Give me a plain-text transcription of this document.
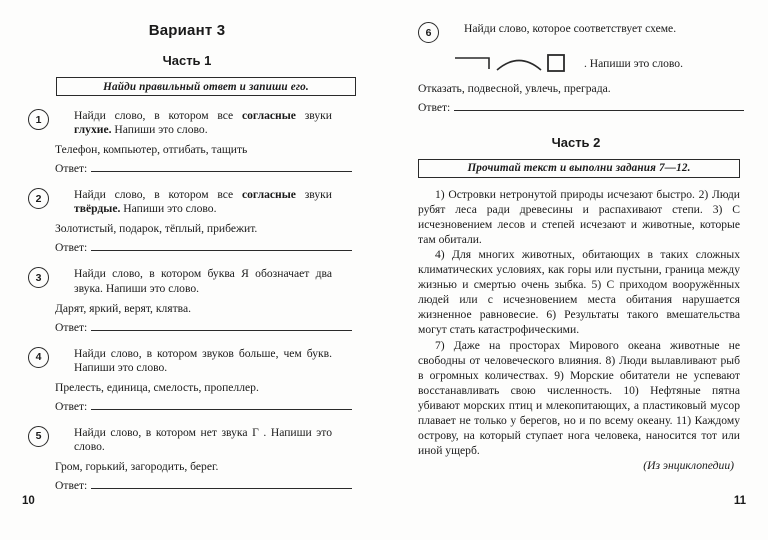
Вариант 3
Часть 1
Найди правильный ответ и запиши его.
1	Найди слово, в котором все согласные звуки глухие. Напиши это слово.
Телефон, компьютер, отгибать, тащить
Ответ:
2	Найди слово, в котором все согласные звуки твёрдые. Напиши это слово.
Золотистый, подарок, тёплый, прибежит.
Ответ:
3	Найди слово, в котором буква Я обозначает два звука. Напиши это слово.
Дарят, яркий, верят, клятва.
Ответ:
4	Найди слово, в котором звуков больше, чем букв. Напиши это слово.
Прелесть, единица, смелость, пропеллер.
Ответ:
5	Найди слово, в котором нет звука Г . Напиши это слово.
Гром, горький, загородить, берег.
Ответ:
10
6	Найди слово, которое соответствует схеме.
. Напиши это слово.
Отказать, подвесной, увлечь, преграда.
Ответ:
Часть 2
Прочитай текст и выполни задания 7—12.
1) Островки нетронутой природы исчезают быстро. 2) Люди рубят леса ради древесины и распахивают степи. 3) С исчезновением лесов и степей исчезают и животные, которые там обитали.
4) Для многих животных, обитающих в таких сложных климатических условиях, как горы или пустыни, граница между жизнью и смертью очень зыбка. 5) С приходом вооружённых людей или с исчезновением места обитания нарушается жизненное равновесие. 6) Результаты такого вмешательства могут стать катастрофическими.
7) Даже на просторах Мирового океана животные не свободны от человеческого влияния. 8) Люди вылавливают рыб в огромных количествах. 9) Морские обитатели не успевают восстанавливать свою численность. 10) Нефтяные пятна убивают морских птиц и млекопитающих, а пластиковый мусор плавает не только у берегов, но и по всему океану. 11) Каждому острову, на который ступает нога человека, наносится тот или иной ущерб.
(Из энциклопедии)
11
